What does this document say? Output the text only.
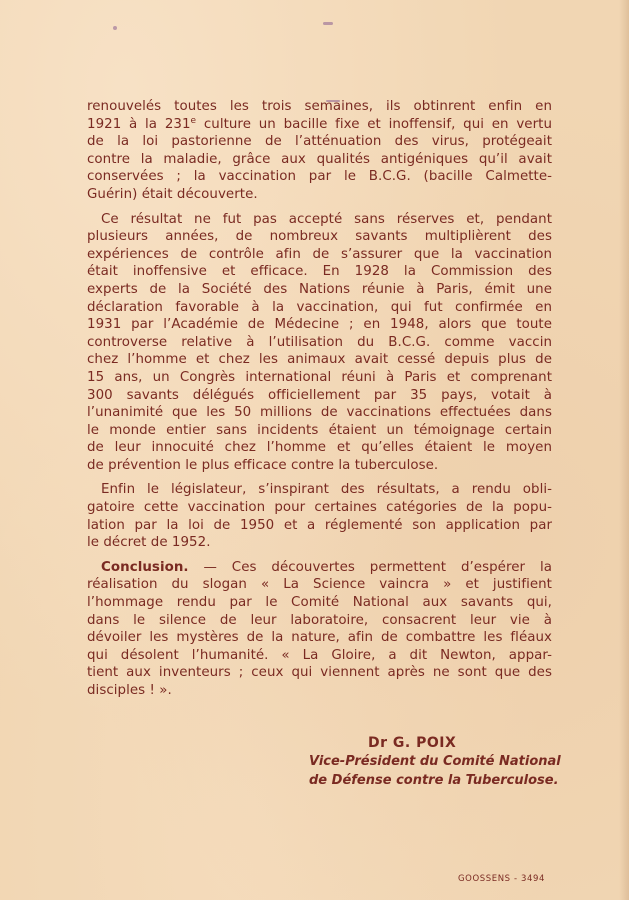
renouvelés toutes les trois semaines, ils obtinrent enfin en
1921 à la 231e culture un bacille fixe et inoffensif, qui en vertu
de la loi pastorienne de l’atténuation des virus, protégeait
contre la maladie, grâce aux qualités antigéniques qu’il avait
conservées ; la vaccination par le B.C.G. (bacille Calmette-
Guérin) était découverte.
Ce résultat ne fut pas accepté sans réserves et, pendant
plusieurs années, de nombreux savants multiplièrent des
expériences de contrôle afin de s’assurer que la vaccination
était inoffensive et efficace. En 1928 la Commission des
experts de la Société des Nations réunie à Paris, émit une
déclaration favorable à la vaccination, qui fut confirmée en
1931 par l’Académie de Médecine ; en 1948, alors que toute
controverse relative à l’utilisation du B.C.G. comme vaccin
chez l’homme et chez les animaux avait cessé depuis plus de
15 ans, un Congrès international réuni à Paris et comprenant
300 savants délégués officiellement par 35 pays, votait à
l’unanimité que les 50 millions de vaccinations effectuées dans
le monde entier sans incidents étaient un témoignage certain
de leur innocuité chez l’homme et qu’elles étaient le moyen
de prévention le plus efficace contre la tuberculose.
Enfin le législateur, s’inspirant des résultats, a rendu obli-
gatoire cette vaccination pour certaines catégories de la popu-
lation par la loi de 1950 et a réglementé son application par
le décret de 1952.
Conclusion. — Ces découvertes permettent d’espérer la
réalisation du slogan « La Science vaincra » et justifient
l’hommage rendu par le Comité National aux savants qui,
dans le silence de leur laboratoire, consacrent leur vie à
dévoiler les mystères de la nature, afin de combattre les fléaux
qui désolent l’humanité. « La Gloire, a dit Newton, appar-
tient aux inventeurs ; ceux qui viennent après ne sont que des
disciples ! ».
Dr G. POIX
Vice-Président du Comité National
de Défense contre la Tuberculose.
GOOSSENS - 3494
